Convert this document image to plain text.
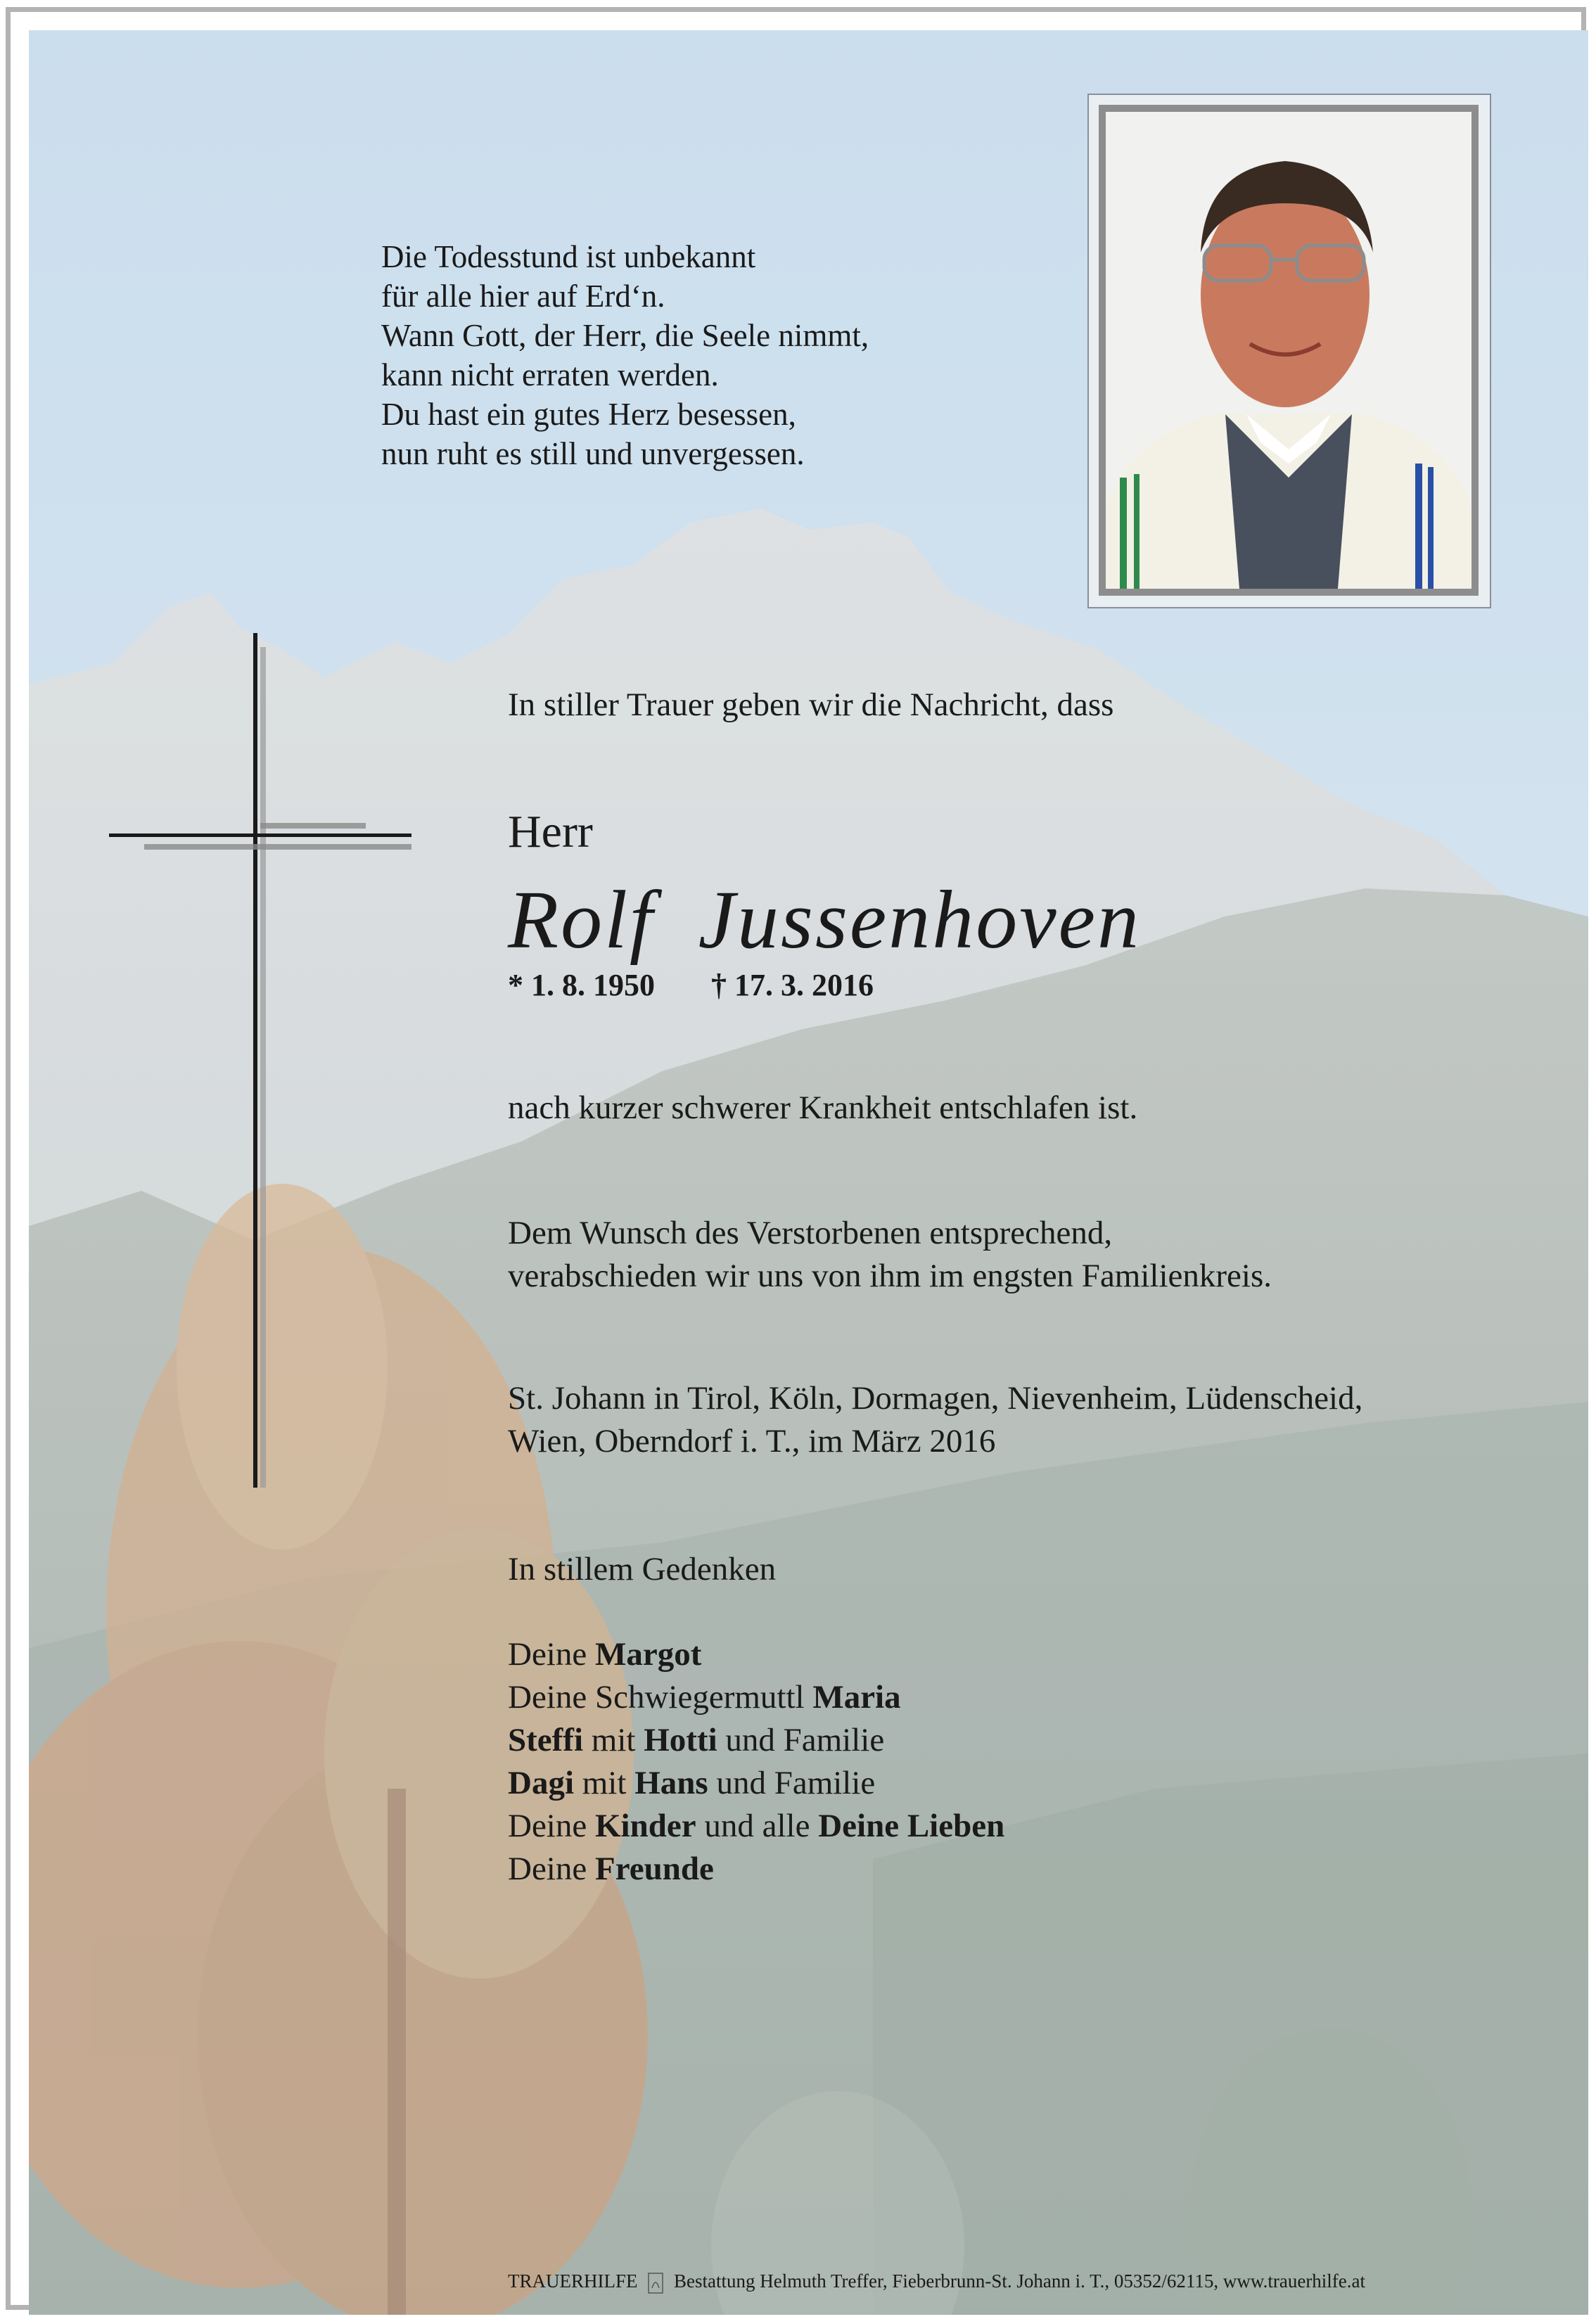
Die Todesstund ist unbekannt
für alle hier auf Erd‘n.
Wann Gott, der Herr, die Seele nimmt,
kann nicht erraten werden.
Du hast ein gutes Herz besessen,
nun ruht es still und unvergessen.
In stiller Trauer geben wir die Nachricht, dass
Herr
Rolf Jussenhoven
* 1. 8. 1950 † 17. 3. 2016
nach kurzer schwerer Krankheit entschlafen ist.
Dem Wunsch des Verstorbenen entsprechend,
verabschieden wir uns von ihm im engsten Familienkreis.
St. Johann in Tirol, Köln, Dormagen, Nievenheim, Lüdenscheid,
Wien, Oberndorf i. T., im März 2016
In stillem Gedenken
Deine Margot
Deine Schwiegermuttl Maria
Steffi mit Hotti und Familie
Dagi mit Hans und Familie
Deine Kinder und alle Deine Lieben
Deine Freunde
TRAUERHILFE Bestattung Helmuth Treffer, Fieberbrunn-St. Johann i. T., 05352/62115, www.trauerhilfe.at
